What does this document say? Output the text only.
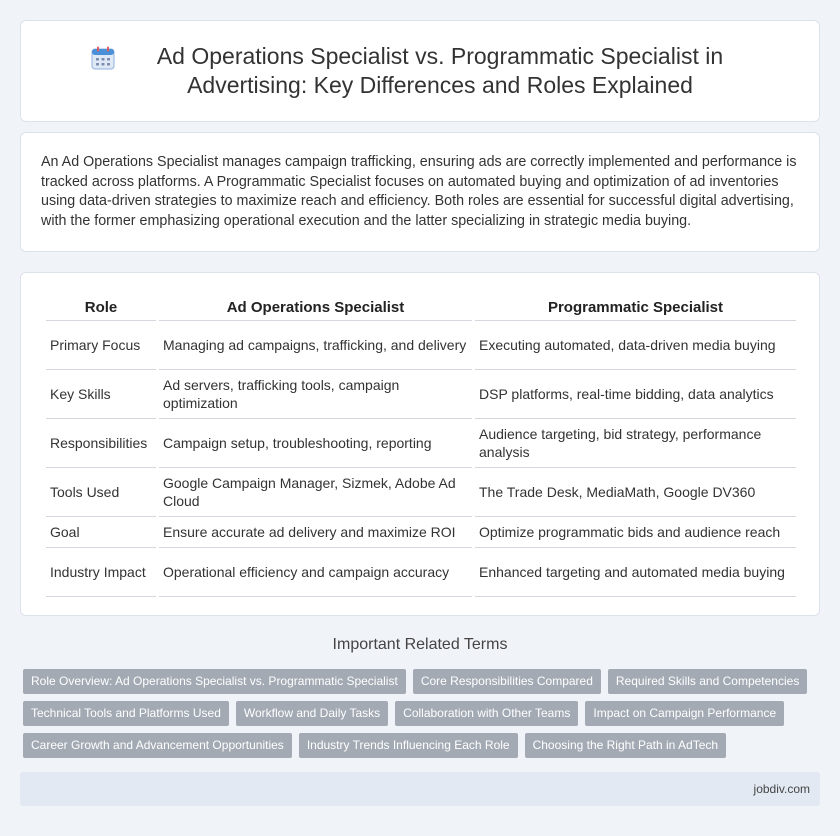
Ad Operations Specialist vs. Programmatic Specialist in Advertising: Key Differences and Roles Explained

An Ad Operations Specialist manages campaign trafficking, ensuring ads are correctly implemented and performance is tracked across platforms. A Programmatic Specialist focuses on automated buying and optimization of ad inventories using data-driven strategies to maximize reach and efficiency. Both roles are essential for successful digital advertising, with the former emphasizing operational execution and the latter specializing in strategic media buying.

Role	Ad Operations Specialist	Programmatic Specialist
Primary Focus	Managing ad campaigns, trafficking, and delivery	Executing automated, data-driven media buying
Key Skills	Ad servers, trafficking tools, campaign optimization	DSP platforms, real-time bidding, data analytics
Responsibilities	Campaign setup, troubleshooting, reporting	Audience targeting, bid strategy, performance analysis
Tools Used	Google Campaign Manager, Sizmek, Adobe Ad Cloud	The Trade Desk, MediaMath, Google DV360
Goal	Ensure accurate ad delivery and maximize ROI	Optimize programmatic bids and audience reach
Industry Impact	Operational efficiency and campaign accuracy	Enhanced targeting and automated media buying
Important Related Terms
Role Overview: Ad Operations Specialist vs. Programmatic Specialist	Core Responsibilities Compared	Required Skills and Competencies
Technical Tools and Platforms Used	Workflow and Daily Tasks	Collaboration with Other Teams	Impact on Campaign Performance
Career Growth and Advancement Opportunities	Industry Trends Influencing Each Role	Choosing the Right Path in AdTech
jobdiv.com
